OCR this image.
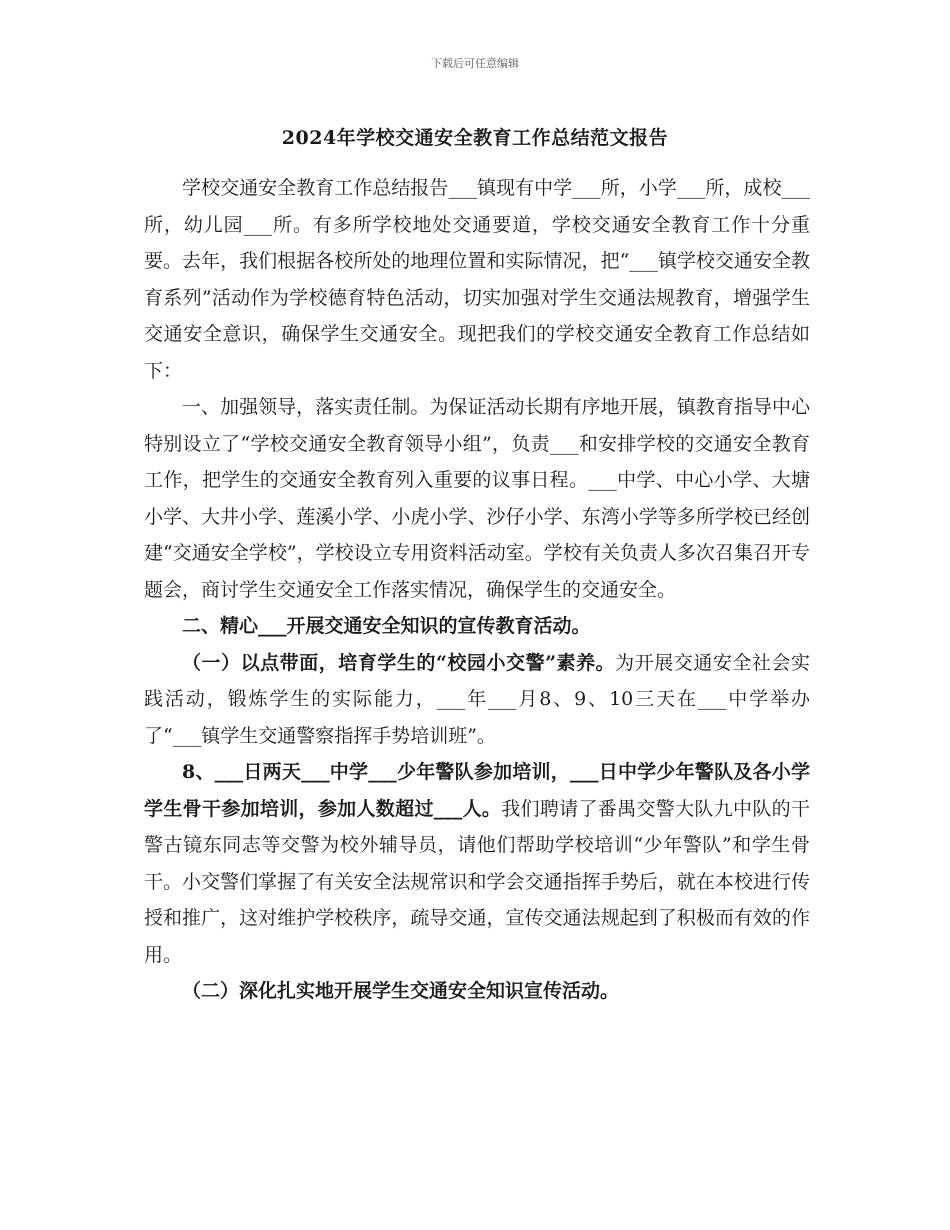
下载后可任意编辑
2024年学校交通安全教育工作总结范文报告

学校交通安全教育工作总结报告___镇现有中学___所，小学___所，成校___所，幼儿园___所。有多所学校地处交通要道，学校交通安全教育工作十分重要。去年，我们根据各校所处的地理位置和实际情况，把“___镇学校交通安全教育系列”活动作为学校德育特色活动，切实加强对学生交通法规教育，增强学生交通安全意识，确保学生交通安全。现把我们的学校交通安全教育工作总结如下：

一、加强领导，落实责任制。为保证活动长期有序地开展，镇教育指导中心特别设立了“学校交通安全教育领导小组”，负责___和安排学校的交通安全教育工作，把学生的交通安全教育列入重要的议事日程。___中学、中心小学、大塘小学、大井小学、莲溪小学、小虎小学、沙仔小学、东湾小学等多所学校已经创建“交通安全学校”，学校设立专用资料活动室。学校有关负责人多次召集召开专题会，商讨学生交通安全工作落实情况，确保学生的交通安全。

二、精心___开展交通安全知识的宣传教育活动。

（一）以点带面，培育学生的“校园小交警”素养。为开展交通安全社会实践活动，锻炼学生的实际能力，___年___月8、9、10三天在___中学举办了“___镇学生交通警察指挥手势培训班”。

8、___日两天___中学___少年警队参加培训，___日中学少年警队及各小学学生骨干参加培训，参加人数超过___人。我们聘请了番禺交警大队九中队的干警古镜东同志等交警为校外辅导员，请他们帮助学校培训“少年警队”和学生骨干。小交警们掌握了有关安全法规常识和学会交通指挥手势后，就在本校进行传授和推广，这对维护学校秩序，疏导交通，宣传交通法规起到了积极而有效的作用。

（二）深化扎实地开展学生交通安全知识宣传活动。
